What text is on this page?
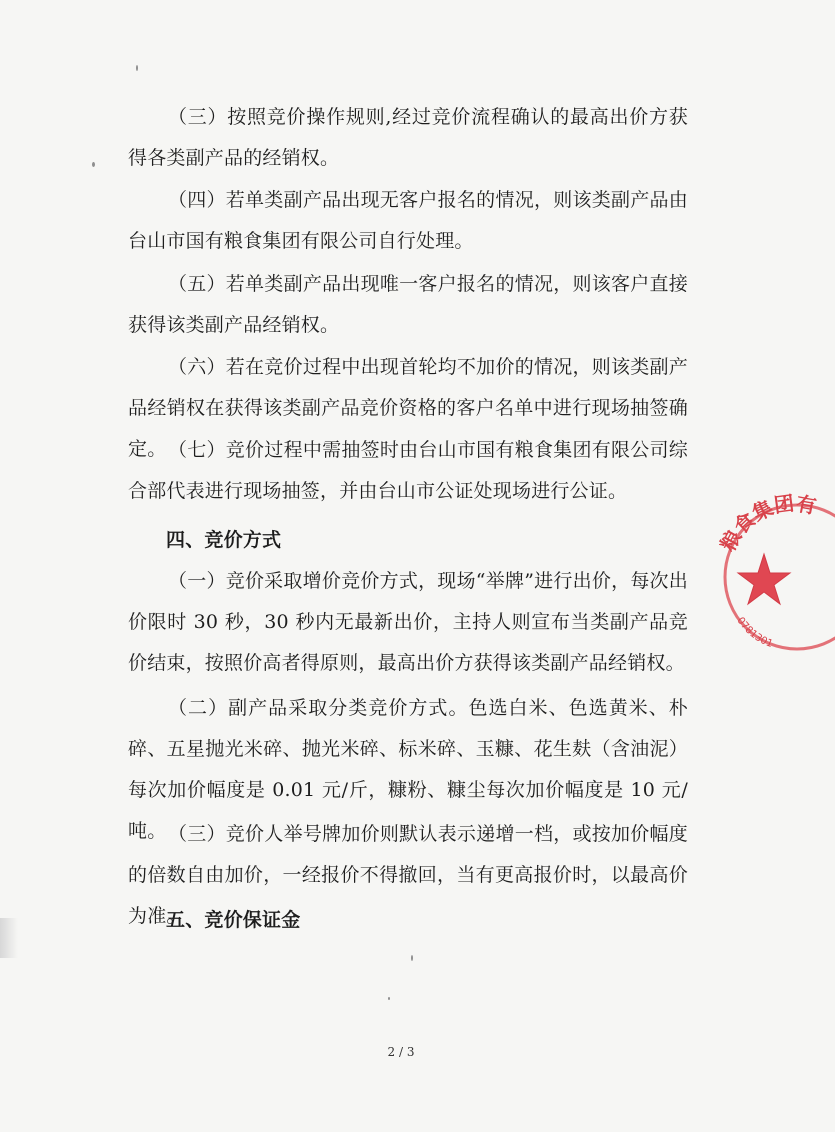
（三）按照竞价操作规则,经过竞价流程确认的最高出价方获得各类副产品的经销权。
（四）若单类副产品出现无客户报名的情况，则该类副产品由台山市国有粮食集团有限公司自行处理。
（五）若单类副产品出现唯一客户报名的情况，则该客户直接获得该类副产品经销权。
（六）若在竞价过程中出现首轮均不加价的情况，则该类副产品经销权在获得该类副产品竞价资格的客户名单中进行现场抽签确定。 （七）竞价过程中需抽签时由台山市国有粮食集团有限公司综合部代表进行现场抽签，并由台山市公证处现场进行公证。
四、竞价方式
（一）竞价采取增价竞价方式，现场“举牌”进行出价，每次出价限时 30 秒，30 秒内无最新出价，主持人则宣布当类副产品竞价结束，按照价高者得原则，最高出价方获得该类副产品经销权。
（二）副产品采取分类竞价方式。色选白米、色选黄米、朴碎、五星抛光米碎、抛光米碎、标米碎、玉糠、花生麸（含油泥）每次加价幅度是 0.01 元/斤，糠粉、糠尘每次加价幅度是 10 元/吨。 （三）竞价人举号牌加价则默认表示递增一档，或按加价幅度的倍数自由加价，一经报价不得撤回，当有更高报价时，以最高价为准。
五、竞价保证金
2 / 3
粮食集团有
0781301
